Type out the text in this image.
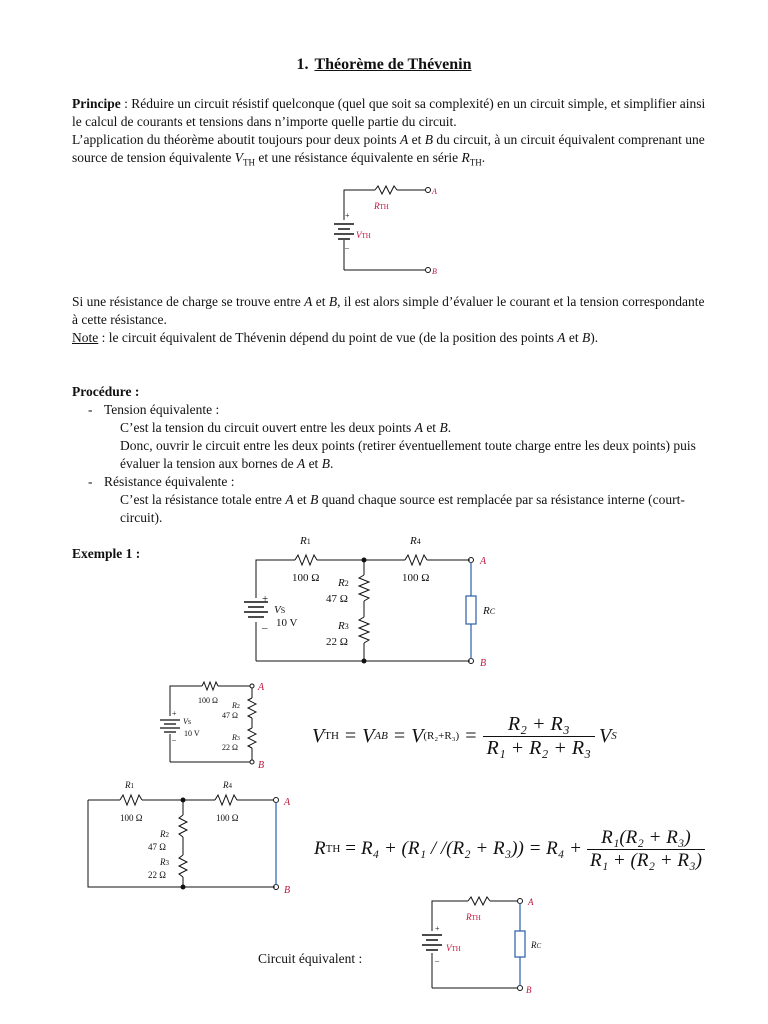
1. Théorème de Thévenin

Principe : Réduire un circuit résistif quelconque (quel que soit sa complexité) en un circuit simple, et simplifier ainsi le calcul de courants et tensions dans n’importe quelle partie du circuit.

L’application du théorème aboutit toujours pour deux points A et B du circuit, à un circuit équivalent comprenant une source de tension équivalente $V_{TH}$ et une résistance équivalente en série $R_{TH}$.

+
–
VTH
RTH
A
B

Si une résistance de charge se trouve entre A et B, il est alors simple d’évaluer le courant et la tension correspondante à cette résistance.

Note : le circuit équivalent de Thévenin dépend du point de vue (de la position des points A et B).

Procédure :

- Tension équivalente :
C’est la tension du circuit ouvert entre les deux points A et B.
Donc, ouvrir le circuit entre les deux points (retirer éventuellement toute charge entre les deux points) puis évaluer la tension aux bornes de A et B.
- Résistance équivalente :
C’est la résistance totale entre A et B quand chaque source est remplacée par sa résistance interne (court-circuit).
Exemple 1 :
+
–
VS
10 V
R1
100 Ω R2
47 Ω
R3
22 Ω
R4
100 Ω
RC
A
B
+
–
VS
10 V
100 Ω
R2
47 Ω
R3
22 Ω
A
B
V TH = V AB = V $(R_2+R_3) = \frac{\text{R₂ + R₃}}{\text{R₁ + R₂ + R₃}}$ V S
R1
100 Ω
R2
47 Ω
R3
22 Ω
R4
100 Ω
A
B
R TH = $R_4 + (R_1 / /(R_2 + R_3)) = R_4 + \frac{\text{R₁(R₂ + R₃)}}{\text{R₁ + (R₂ + R₃)}}$
Circuit équivalent :
+
–
VTH
RTH
RC
A
B
